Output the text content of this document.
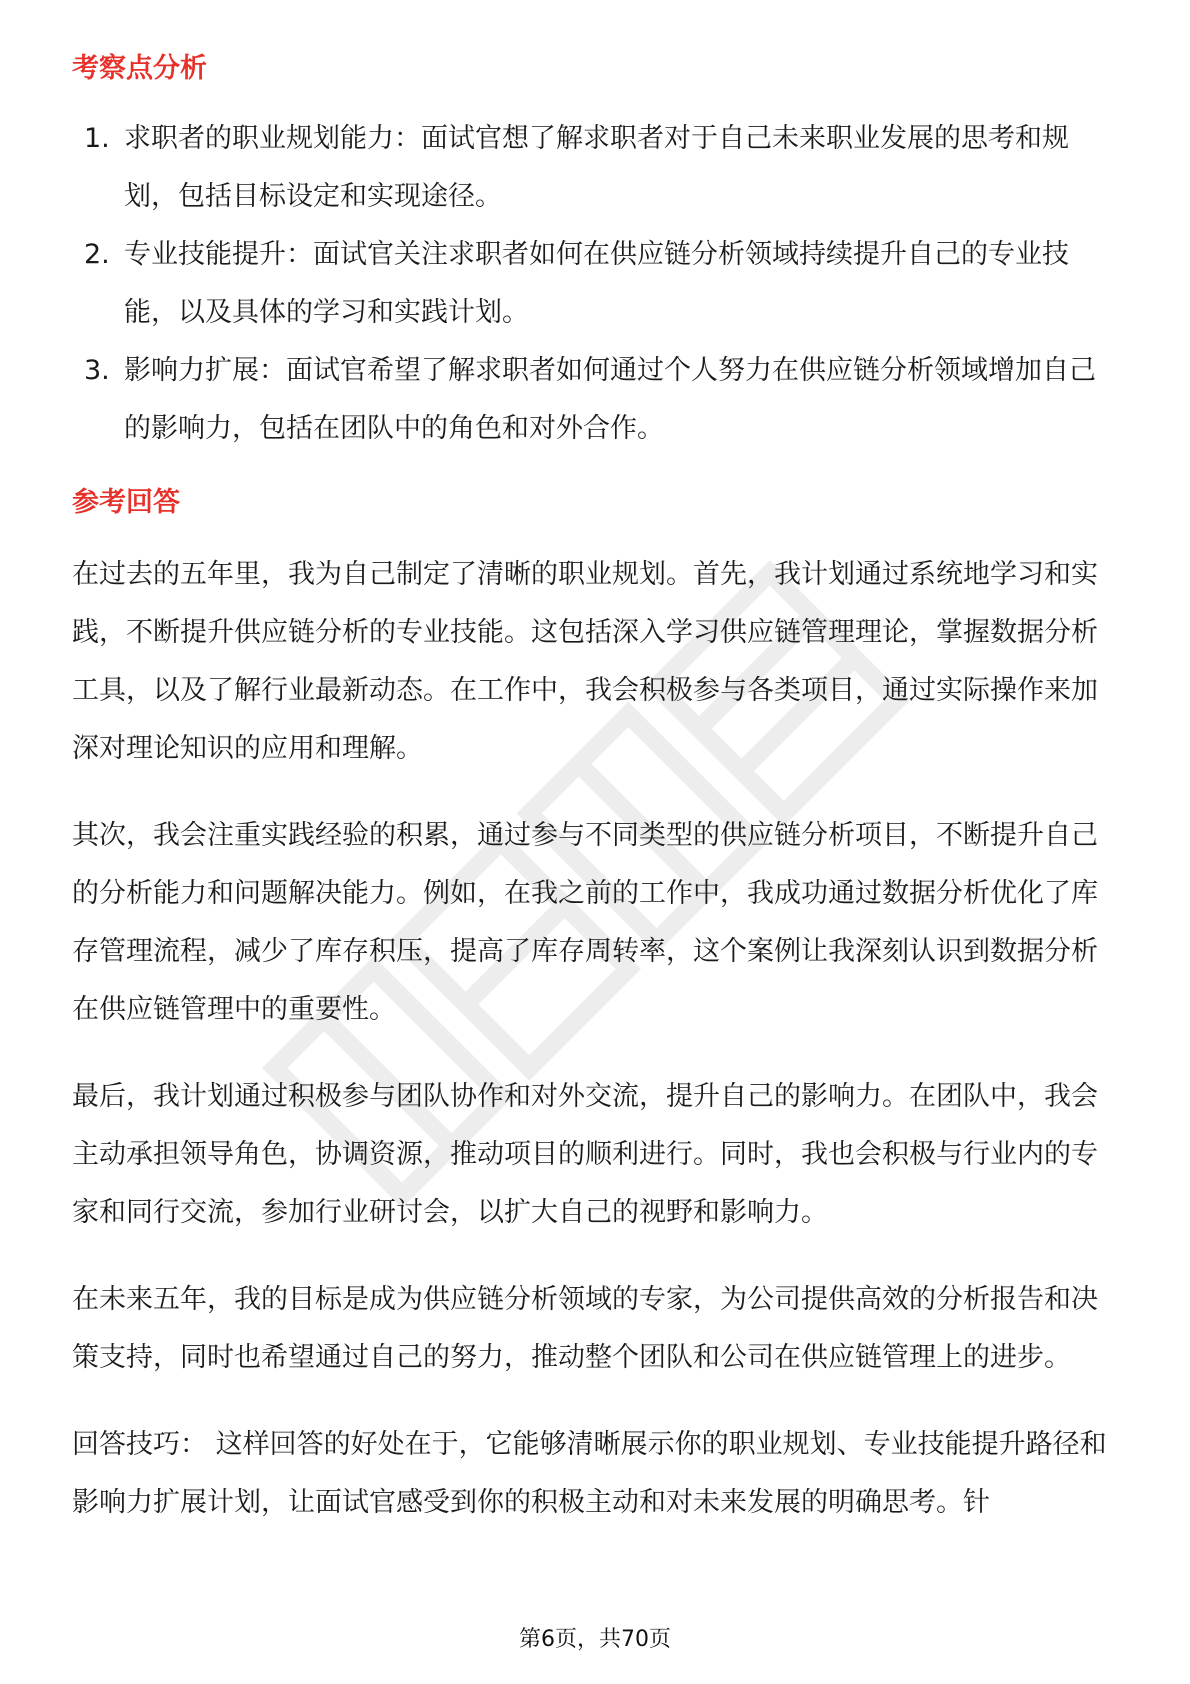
考察点分析
1. 求职者的职业规划能力：面试官想了解求职者对于自己未来职业发展的思考和规划，包括目标设定和实现途径。
2. 专业技能提升：面试官关注求职者如何在供应链分析领域持续提升自己的专业技能，以及具体的学习和实践计划。
3. 影响力扩展：面试官希望了解求职者如何通过个人努力在供应链分析领域增加自己的影响力，包括在团队中的角色和对外合作。
参考回答

在过去的五年里，我为自己制定了清晰的职业规划。首先，我计划通过系统地学习和实践，不断提升供应链分析的专业技能。这包括深入学习供应链管理理论，掌握数据分析工具，以及了解行业最新动态。在工作中，我会积极参与各类项目，通过实际操作来加深对理论知识的应用和理解。

其次，我会注重实践经验的积累，通过参与不同类型的供应链分析项目，不断提升自己的分析能力和问题解决能力。例如，在我之前的工作中，我成功通过数据分析优化了库存管理流程，减少了库存积压，提高了库存周转率，这个案例让我深刻认识到数据分析在供应链管理中的重要性。

最后，我计划通过积极参与团队协作和对外交流，提升自己的影响力。在团队中，我会主动承担领导角色，协调资源，推动项目的顺利进行。同时，我也会积极与行业内的专家和同行交流，参加行业研讨会，以扩大自己的视野和影响力。

在未来五年，我的目标是成为供应链分析领域的专家，为公司提供高效的分析报告和决策支持，同时也希望通过自己的努力，推动整个团队和公司在供应链管理上的进步。

回答技巧： 这样回答的好处在于，它能够清晰展示你的职业规划、专业技能提升路径和影响力扩展计划，让面试官感受到你的积极主动和对未来发展的明确思考。针

第6页，共70页
